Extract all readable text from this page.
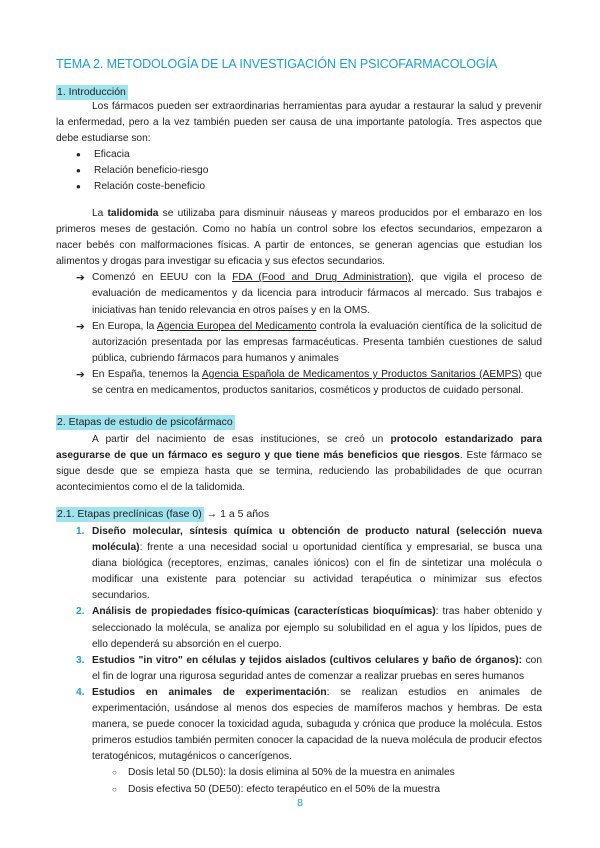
TEMA 2. METODOLOGÍA DE LA INVESTIGACIÓN EN PSICOFARMACOLOGÍA
1. Introducción

Los fármacos pueden ser extraordinarias herramientas para ayudar a restaurar la salud y prevenir la enfermedad, pero a la vez también pueden ser causa de una importante patología. Tres aspectos que debe estudiarse son:

● Eficacia
● Relación beneficio-riesgo
● Relación coste-beneficio

La talidomida se utilizaba para disminuir náuseas y mareos producidos por el embarazo en los primeros meses de gestación. Como no había un control sobre los efectos secundarios, empezaron a nacer bebés con malformaciones físicas. A partir de entonces, se generan agencias que estudian los alimentos y drogas para investigar su eficacia y sus efectos secundarios.

➔ Comenzó en EEUU con la FDA (Food and Drug Administration), que vigila el proceso de evaluación de medicamentos y da licencia para introducir fármacos al mercado. Sus trabajos e iniciativas han tenido relevancia en otros países y en la OMS.
➔ En Europa, la Agencia Europea del Medicamento controla la evaluación científica de la solicitud de autorización presentada por las empresas farmacéuticas. Presenta también cuestiones de salud pública, cubriendo fármacos para humanos y animales
➔ En España, tenemos la Agencia Española de Medicamentos y Productos Sanitarios (AEMPS) que se centra en medicamentos, productos sanitarios, cosméticos y productos de cuidado personal.
2. Etapas de estudio de psicofármaco

A partir del nacimiento de esas instituciones, se creó un protocolo estandarizado para asegurarse de que un fármaco es seguro y que tiene más beneficios que riesgos. Este fármaco se sigue desde que se empieza hasta que se termina, reduciendo las probabilidades de que ocurran acontecimientos como el de la talidomida.

2.1. Etapas preclínicas (fase 0) → 1 a 5 años
1. Diseño molecular, síntesis química u obtención de producto natural (selección nueva molécula): frente a una necesidad social u oportunidad científica y empresarial, se busca una diana biológica (receptores, enzimas, canales iónicos) con el fin de sintetizar una molécula o modificar una existente para potenciar su actividad terapéutica o minimizar sus efectos secundarios.
2. Análisis de propiedades físico-químicas (características bioquímicas): tras haber obtenido y seleccionado la molécula, se analiza por ejemplo su solubilidad en el agua y los lípidos, pues de ello dependerá su absorción en el cuerpo.
3. Estudios "in vitro" en células y tejidos aislados (cultivos celulares y baño de órganos): con el fin de lograr una rigurosa seguridad antes de comenzar a realizar pruebas en seres humanos
4. Estudios en animales de experimentación: se realizan estudios en animales de experimentación, usándose al menos dos especies de mamíferos machos y hembras. De esta manera, se puede conocer la toxicidad aguda, subaguda y crónica que produce la molécula. Estos primeros estudios también permiten conocer la capacidad de la nueva molécula de producir efectos teratogénicos, mutagénicos o cancerígenos.
○ Dosis letal 50 (DL50): la dosis elimina al 50% de la muestra en animales
○ Dosis efectiva 50 (DE50): efecto terapéutico en el 50% de la muestra
8
